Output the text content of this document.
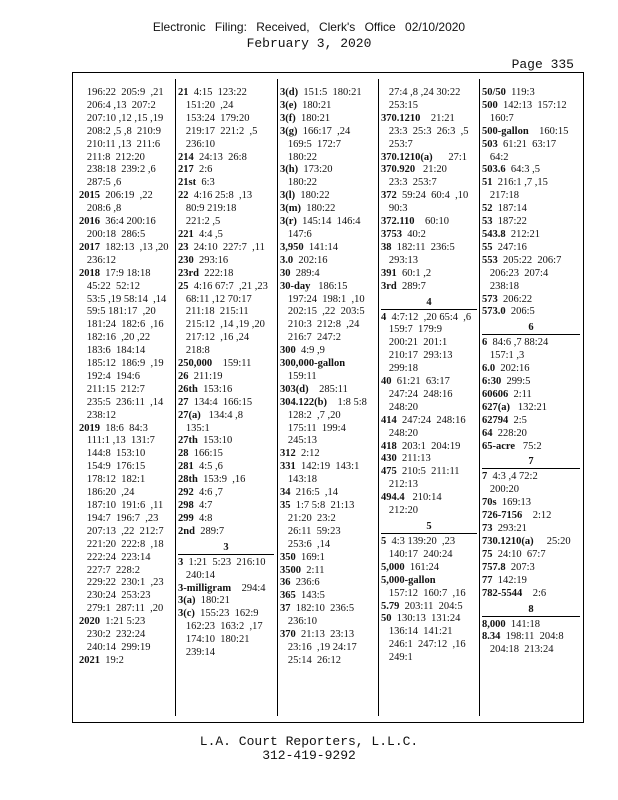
Electronic Filing: Received, Clerk's Office 02/10/2020
February 3, 2020
Page 335
196:22  205:9  ,21
206:4 ,13  207:2
207:10 ,12 ,15 ,19
208:2 ,5 ,8  210:9
210:11 ,13  211:6
211:8  212:20
238:18  239:2 ,6
287:5 ,6
2015  206:19  ,22
208:6 ,8
2016  36:4 200:16
200:18  286:5
2017  182:13  ,13 ,20
236:12
2018  17:9 18:18
45:22  52:12
53:5 ,19 58:14  ,14
59:5 181:17  ,20
181:24  182:6  ,16
182:16  ,20 ,22
183:6  184:14
185:12  186:9  ,19
192:4  194:6
211:15  212:7
235:5  236:11  ,14
238:12
2019  18:6  84:3
111:1 ,13  131:7
144:8  153:10
154:9  176:15
178:12  182:1
186:20  ,24
187:10  191:6  ,11
194:7  196:7  ,23
207:13  ,22  212:7
221:20  222:8  ,18
222:24  223:14
227:7  228:2
229:22  230:1  ,23
230:24  253:23
279:1  287:11  ,20
2020  1:21 5:23
230:2  232:24
240:14  299:19
2021  19:2
21  4:15  123:22
151:20  ,24
153:24  179:20
219:17  221:2  ,5
236:10
214  24:13  26:8
217  2:6
21st  6:3
22  4:16 25:8  ,13
80:9 219:18
221:2 ,5
221  4:4 ,5
23  24:10  227:7  ,11
230  293:16
23rd  222:18
25  4:16 67:7  ,21 ,23
68:11 ,12 70:17
211:18  215:11
215:12  ,14 ,19 ,20
217:12  ,16 ,24
218:8
250,000    159:11
26  211:19
26th  153:16
27  134:4  166:15
27(a)   134:4 ,8
135:1
27th  153:10
28  166:15
281  4:5 ,6
28th  153:9  ,16
292  4:6 ,7
298  4:7
299  4:8
2nd  289:7
3
3  1:21  5:23  216:10
240:14
3-milligram    294:4
3(a)  180:21
3(c)  155:23  162:9
162:23  163:2  ,17
174:10  180:21
239:14
3(d)  151:5  180:21
3(e)  180:21
3(f)  180:21
3(g)  166:17  ,24
169:5  172:7
180:22
3(h)  173:20
180:22
3(l)  180:22
3(m)  180:22
3(r)  145:14  146:4
147:6
3,950  141:14
3.0  202:16
30  289:4
30-day   186:15
197:24  198:1  ,10
202:15  ,22  203:5
210:3  212:8  ,24
216:7  247:2
300  4:9 ,9
300,000-gallon
159:11
303(d)    285:11
304.122(b)    1:8 5:8
128:2  ,7 ,20
175:11  199:4
245:13
312  2:12
331  142:19  143:1
143:18
34  216:5  ,14
35  1:7 5:8  21:13
21:20  23:2
26:11  59:23
253:6  ,14
350  169:1
3500  2:11
36  236:6
365  143:5
37  182:10  236:5
236:10
370  21:13  23:13
23:16  ,19 24:17
25:14  26:12
27:4 ,8 ,24 30:22
253:15
370.1210    21:21
23:3  25:3  26:3  ,5
253:7
370.1210(a)      27:1
370.920   21:20
23:3  253:7
372  59:24  60:4  ,10
90:3
372.110    60:10
3753  40:2
38  182:11  236:5
293:13
391  60:1 ,2
3rd  289:7
4
4  4:7:12  ,20 65:4  ,6
159:7  179:9
200:21  201:1
210:17  293:13
299:18
40  61:21  63:17
247:24  248:16
248:20
414  247:24  248:16
248:20
418  203:1  204:19
430  211:13
475  210:5  211:11
212:13
494.4   210:14
212:20
5
5  4:3 139:20  ,23
140:17  240:24
5,000  161:24
5,000-gallon
157:12  160:7  ,16
5.79  203:11  204:5
50  130:13  131:24
136:14  141:21
246:1  247:12  ,16
249:1
50/50  119:3
500  142:13  157:12
160:7
500-gallon    160:15
503  61:21  63:17
64:2
503.6  64:3 ,5
51  216:1 ,7 ,15
217:18
52  187:14
53  187:22
543.8  212:21
55  247:16
553  205:22  206:7
206:23  207:4
238:18
573  206:22
573.0  206:5
6
6  84:6 ,7 88:24
157:1 ,3
6.0  202:16
6:30  299:5
60606  2:11
627(a)   132:21
62794  2:5
64  228:20
65-acre   75:2
7
7  4:3 ,4 72:2
200:20
70s  169:13
726-7156    2:12
73  293:21
730.1210(a)     25:20
75  24:10  67:7
757.8  207:3
77  142:19
782-5544    2:6
8
8,000  141:18
8.34  198:11  204:8
204:18  213:24
L.A. Court Reporters, L.L.C.
312-419-9292
